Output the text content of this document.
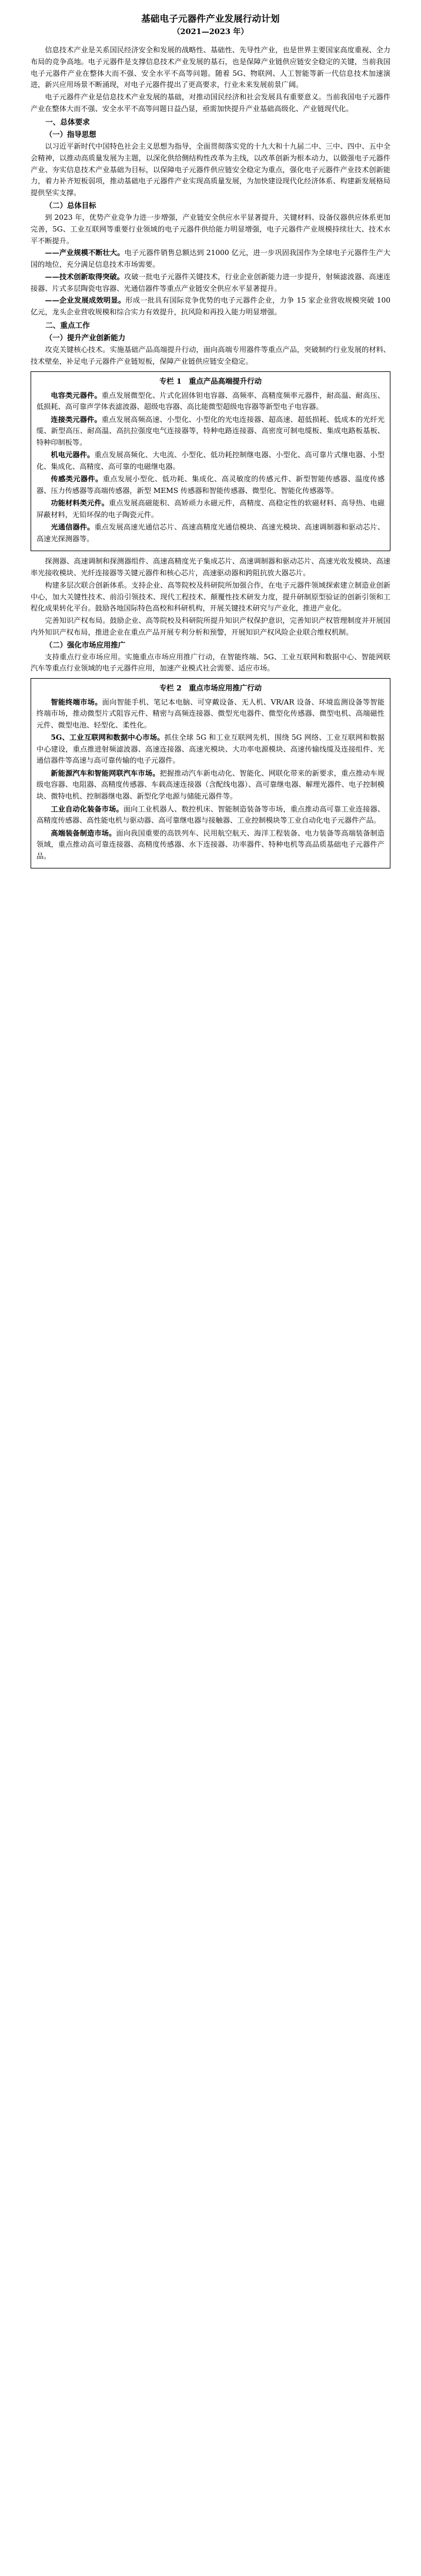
基础电子元器件产业发展行动计划
（2021—2023 年）

信息技术产业是关系国民经济安全和发展的战略性、基础性、先导性产业，也是世界主要国家高度重视、全力布局的竞争高地。电子元器件是支撑信息技术产业发展的基石，也是保障产业链供应链安全稳定的关键，当前我国电子元器件产业在整体大而不强、安全水平不高等问题。随着 5G、物联网、人工智能等新一代信息技术加速演进，新兴应用场景不断涌现，对电子元器件提出了更高要求，行业未来发展前景广阔。

电子元器件产业是信息技术产业发展的基础，对推动国民经济和社会发展具有重要意义。当前我国电子元器件产业在整体大而不强、安全水平不高等问题日益凸显，亟需加快提升产业基础高级化、产业链现代化。

一、总体要求

（一）指导思想

以习近平新时代中国特色社会主义思想为指导，全面贯彻落实党的十九大和十九届二中、三中、四中、五中全会精神，以推动高质量发展为主题，以深化供给侧结构性改革为主线，以改革创新为根本动力，以做强电子元器件产业、夯实信息技术产业基础为目标，以保障电子元器件供应链安全稳定为重点，强化电子元器件产业技术创新能力，着力补齐短板弱项，推动基础电子元器件产业实现高质量发展，为加快建设现代化经济体系、构建新发展格局提供坚实支撑。

（二）总体目标

到 2023 年，优势产业竞争力进一步增强，产业链安全供应水平显著提升，关键材料、设备仪器供应体系更加完善，5G、工业互联网等重要行业领域的电子元器件供给能力明显增强，电子元器件产业规模持续壮大、技术水平不断提升。

——产业规模不断壮大。电子元器件销售总额达到 21000 亿元，进一步巩固我国作为全球电子元器件生产大国的地位，充分满足信息技术市场需要。

——技术创新取得突破。攻破一批电子元器件关键技术，行业企业创新能力进一步提升，射频滤波器、高速连接器、片式多层陶瓷电容器、光通信器件等重点产业链安全供应水平显著提升。

——企业发展成效明显。形成一批具有国际竞争优势的电子元器件企业，力争 15 家企业营收规模突破 100 亿元，龙头企业营收规模和综合实力有效提升，抗风险和再投入能力明显增强。

二、重点工作

（一）提升产业创新能力

攻克关键核心技术。实施基础产品高端提升行动，面向高端专用器件等重点产品，突破制约行业发展的材料、技术壁垒，补足电子元器件产业链短板，保障产业链供应链安全稳定。

专栏 1　重点产品高端提升行动

电容类元器件。重点发展微型化、片式化固体钽电容器、高频率、高精度频率元器件，耐高温、耐高压、低损耗、高可靠声学体表滤波器、超级电容器、高比能微型超级电容器等新型电子电容器。

连接类元器件。重点发展高频高速、小型化、小型化的光电连接器、超高速、超低损耗、低成本的光纤光缆、新型高压、耐高温、高抗拉强度电气连接器等，特种电路连接器、高密度可制电缆板、集成电路板基板、特种印制板等。

机电元器件。重点发展高频化、大电流、小型化、低功耗控制继电器、小型化、高可靠片式继电器、小型化、集成化、高精度、高可靠的电磁继电器。

传感类元器件。重点发展小型化、低功耗、集成化、高灵敏度的传感元件、新型智能传感器、温度传感器、压力传感器等高端传感器，新型 MEMS 传感器和智能传感器、微型化、智能化传感器等。

功能材料类元件。重点发展高磁能积、高矫顽力永磁元件，高精度、高稳定性的软磁材料、高导热、电磁屏蔽材料，无铅环保的电子陶瓷元件。

光通信器件。重点发展高速光通信芯片、高速高精度光通信模块、高速光模块、高速调制器和驱动芯片、高速光探测器等。

探测器、高速调制和探测器组件、高速高精度光子集成芯片、高速调制器和驱动芯片、高速光收发模块、高速率光接收模块、光纤连接器等关键元器件和核心芯片，高速驱动器和跨阻抗放大器芯片。

构建多层次联合创新体系。支持企业、高等院校及科研院所加强合作，在电子元器件领域探索建立制造业创新中心，加大关键性技术、前沿引领技术、现代工程技术、颠覆性技术研发力度，提升研制原型验证的创新引领和工程化成果转化平台。鼓励各地国际特色高校和科研机构，开展关键技术研究与产业化，推进产业化。

完善知识产权布局。鼓励企业、高等院校及科研院所提升知识产权保护意识，完善知识产权管理制度并开展国内外知识产权布局，推进企业在重点产品开展专利分析和预警，开展知识产权风险企业联合维权机制。

（二）强化市场应用推广

支持重点行业市场应用。实施重点市场应用推广行动，在智能终端、5G、工业互联网和数据中心、智能网联汽车等重点行业领域的电子元器件应用，加速产业模式社会需要、适应市场。

专栏 2　重点市场应用推广行动

智能终端市场。面向智能手机、笔记本电脑、可穿戴设备、无人机、VR/AR 设备、环境监测设备等智能终端市场，推动微型片式阻容元件、精密与高频连接器、微型光电器件、微型化传感器、微型电机、高端磁性元件、微型电池、轻型化、柔性化。

5G、工业互联网和数据中心市场。抓住全球 5G 和工业互联网先机，围绕 5G 网络、工业互联网和数据中心建设，重点推进射频滤波器、高速连接器、高速光模块、大功率电源模块、高速传输线缆及连接组件、光通信器件等高速与高可靠传输的电子元器件。

新能源汽车和智能网联汽车市场。把握推动汽车新电动化、智能化、网联化带来的新要求，重点推动车规级电容器、电阻器、高精度传感器、车载高速连接器（含配线电器）、高可靠继电器、解理光器件、电子控制模块、微特电机、控制器继电器、新型化学电源与储能元器件等。

工业自动化装备市场。面向工业机器人、数控机床、智能制造装备等市场，重点推动高可靠工业连接器、高精度传感器、高性能电机与驱动器、高可靠继电器与接触器、工业控制模块等工业自动化电子元器件产品。

高端装备制造市场。面向我国重要的高铁列车、民用航空航天、海洋工程装备、电力装备等高端装备制造领域，重点推动高可靠连接器、高精度传感器、水下连接器、功率器件、特种电机等高品质基础电子元器件产品。
